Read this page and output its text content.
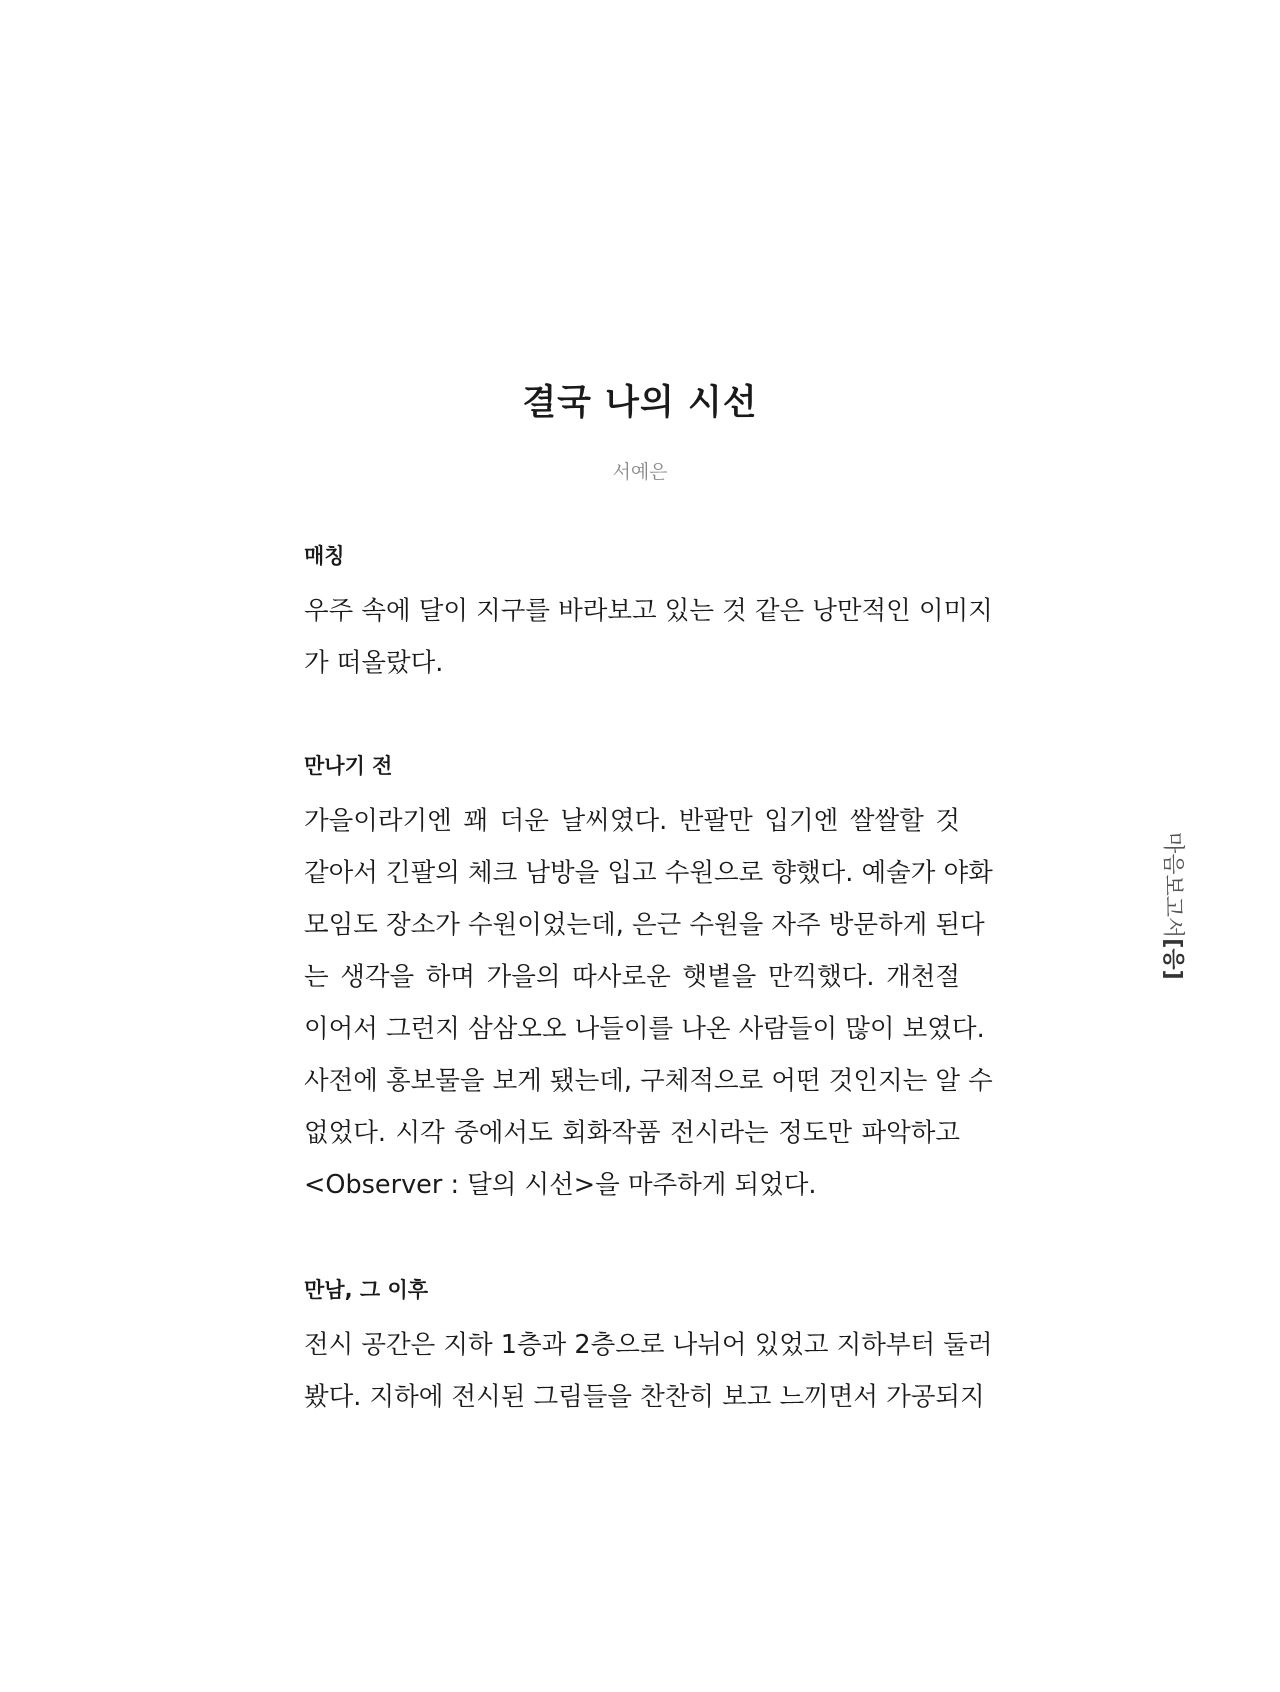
결국 나의 시선
서예은
매칭
우주 속에 달이 지구를 바라보고 있는 것 같은 낭만적인 이미지
가 떠올랐다.
만나기 전
가을이라기엔 꽤 더운 날씨였다. 반팔만 입기엔 쌀쌀할 것
같아서 긴팔의 체크 남방을 입고 수원으로 향했다. 예술가 야화
모임도 장소가 수원이었는데, 은근 수원을 자주 방문하게 된다
는 생각을 하며 가을의 따사로운 햇볕을 만끽했다. 개천절
이어서 그런지 삼삼오오 나들이를 나온 사람들이 많이 보였다.
사전에 홍보물을 보게 됐는데, 구체적으로 어떤 것인지는 알 수
없었다. 시각 중에서도 회화작품 전시라는 정도만 파악하고
<Observer : 달의 시선>을 마주하게 되었다.
만남, 그 이후
전시 공간은 지하 1층과 2층으로 나뉘어 있었고 지하부터 둘러
봤다. 지하에 전시된 그림들을 찬찬히 보고 느끼면서 가공되지
마음보고서[응]
